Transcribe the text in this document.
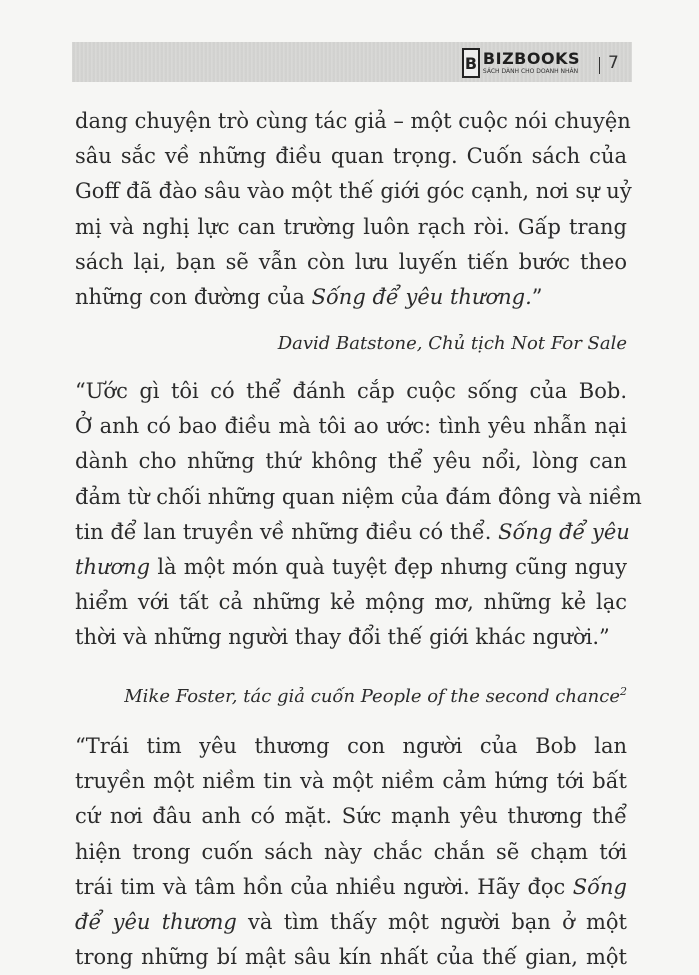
B BIZBOOKS
SÁCH DÀNH CHO DOANH NHÂN 7
dang chuyện trò cùng tác giả – một cuộc nói chuyện
sâu sắc về những điều quan trọng. Cuốn sách của
Goff đã đào sâu vào một thế giới góc cạnh, nơi sự uỷ
mị và nghị lực can trường luôn rạch ròi. Gấp trang
sách lại, bạn sẽ vẫn còn lưu luyến tiến bước theo
những con đường của Sống để yêu thương.”
David Batstone, Chủ tịch Not For Sale
“Ước gì tôi có thể đánh cắp cuộc sống của Bob.
Ở anh có bao điều mà tôi ao ước: tình yêu nhẫn nại
dành cho những thứ không thể yêu nổi, lòng can
đảm từ chối những quan niệm của đám đông và niềm
tin để lan truyền về những điều có thể. Sống để yêu
thương là một món quà tuyệt đẹp nhưng cũng nguy
hiểm với tất cả những kẻ mộng mơ, những kẻ lạc
thời và những người thay đổi thế giới khác người.”
Mike Foster, tác giả cuốn People of the second chance$^2$
“Trái tim yêu thương con người của Bob lan
truyền một niềm tin và một niềm cảm hứng tới bất
cứ nơi đâu anh có mặt. Sức mạnh yêu thương thể
hiện trong cuốn sách này chắc chắn sẽ chạm tới
trái tim và tâm hồn của nhiều người. Hãy đọc Sống
để yêu thương và tìm thấy một người bạn ở một
trong những bí mật sâu kín nhất của thế gian, một
